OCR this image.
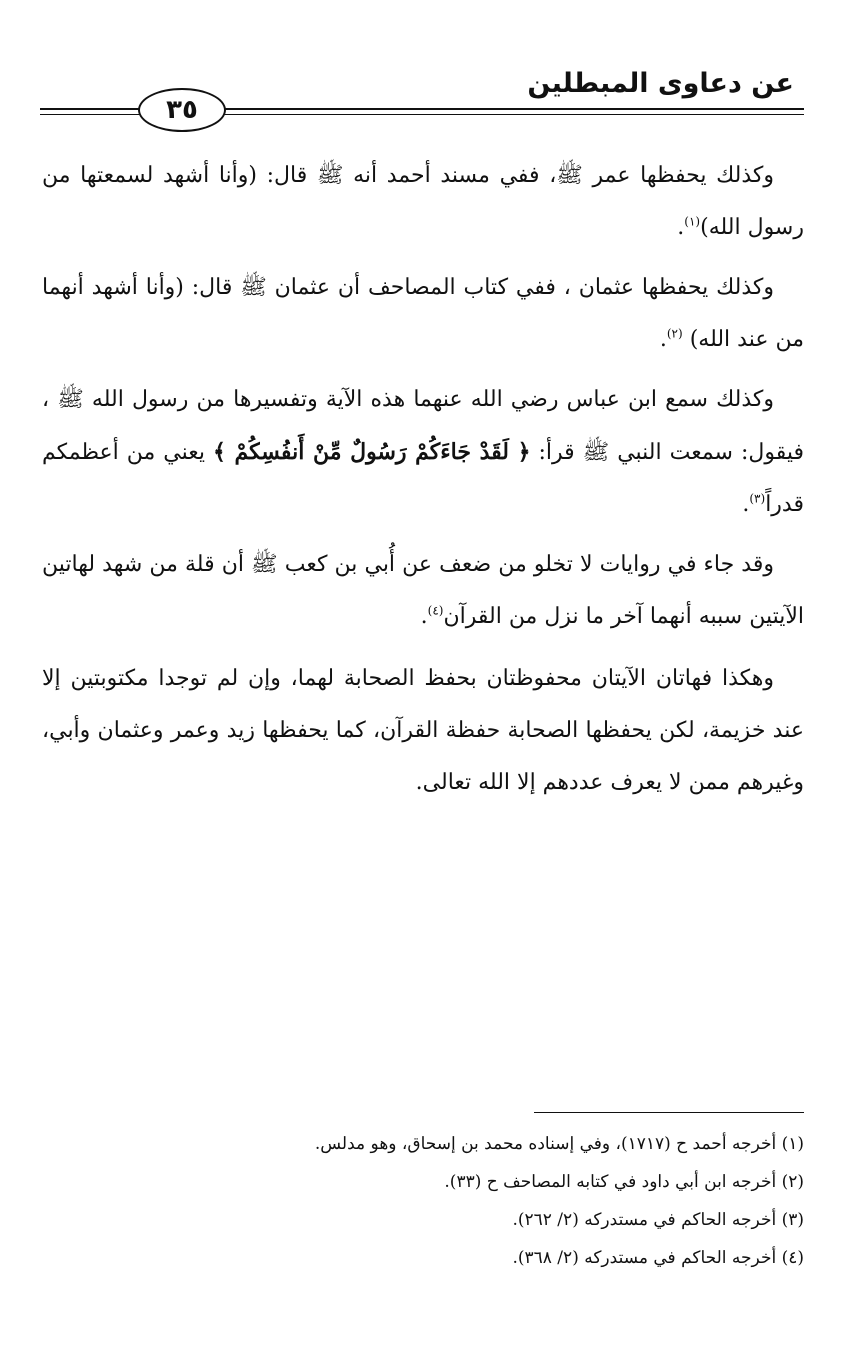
عن دعاوى المبطلين
٣٥

وكذلك يحفظها عمر ﷺ، ففي مسند أحمد أنه ﷺ قال: (وأنا أشهد لسمعتها من رسول الله)$^{(١)}$.

وكذلك يحفظها عثمان ، ففي كتاب المصاحف أن عثمان ﷺ قال: (وأنا أشهد أنهما من عند الله) $^{(٢)}$.

وكذلك سمع ابن عباس رضي الله عنهما هذه الآية وتفسيرها من رسول الله ﷺ ، فيقول: سمعت النبي ﷺ قرأ: ﴿ لَقَدْ جَاءَكُمْ رَسُولٌ مِّنْ أَنفُسِكُمْ ﴾ يعني من أعظمكم قدراً$^{(٣)}$.

وقد جاء في روايات لا تخلو من ضعف عن أُبي بن كعب ﷺ أن قلة من شهد لهاتين الآيتين سببه أنهما آخر ما نزل من القرآن$^{(٤)}$.

وهكذا فهاتان الآيتان محفوظتان بحفظ الصحابة لهما، وإن لم توجدا مكتوبتين إلا عند خزيمة، لكن يحفظها الصحابة حفظة القرآن، كما يحفظها زيد وعمر وعثمان وأبي، وغيرهم ممن لا يعرف عددهم إلا الله تعالى.

(١) أخرجه أحمد ح (١٧١٧)، وفي إسناده محمد بن إسحاق، وهو مدلس.
(٢) أخرجه ابن أبي داود في كتابه المصاحف ح (٣٣).
(٣) أخرجه الحاكم في مستدركه (٢/ ٢٦٢).
(٤) أخرجه الحاكم في مستدركه (٢/ ٣٦٨).
